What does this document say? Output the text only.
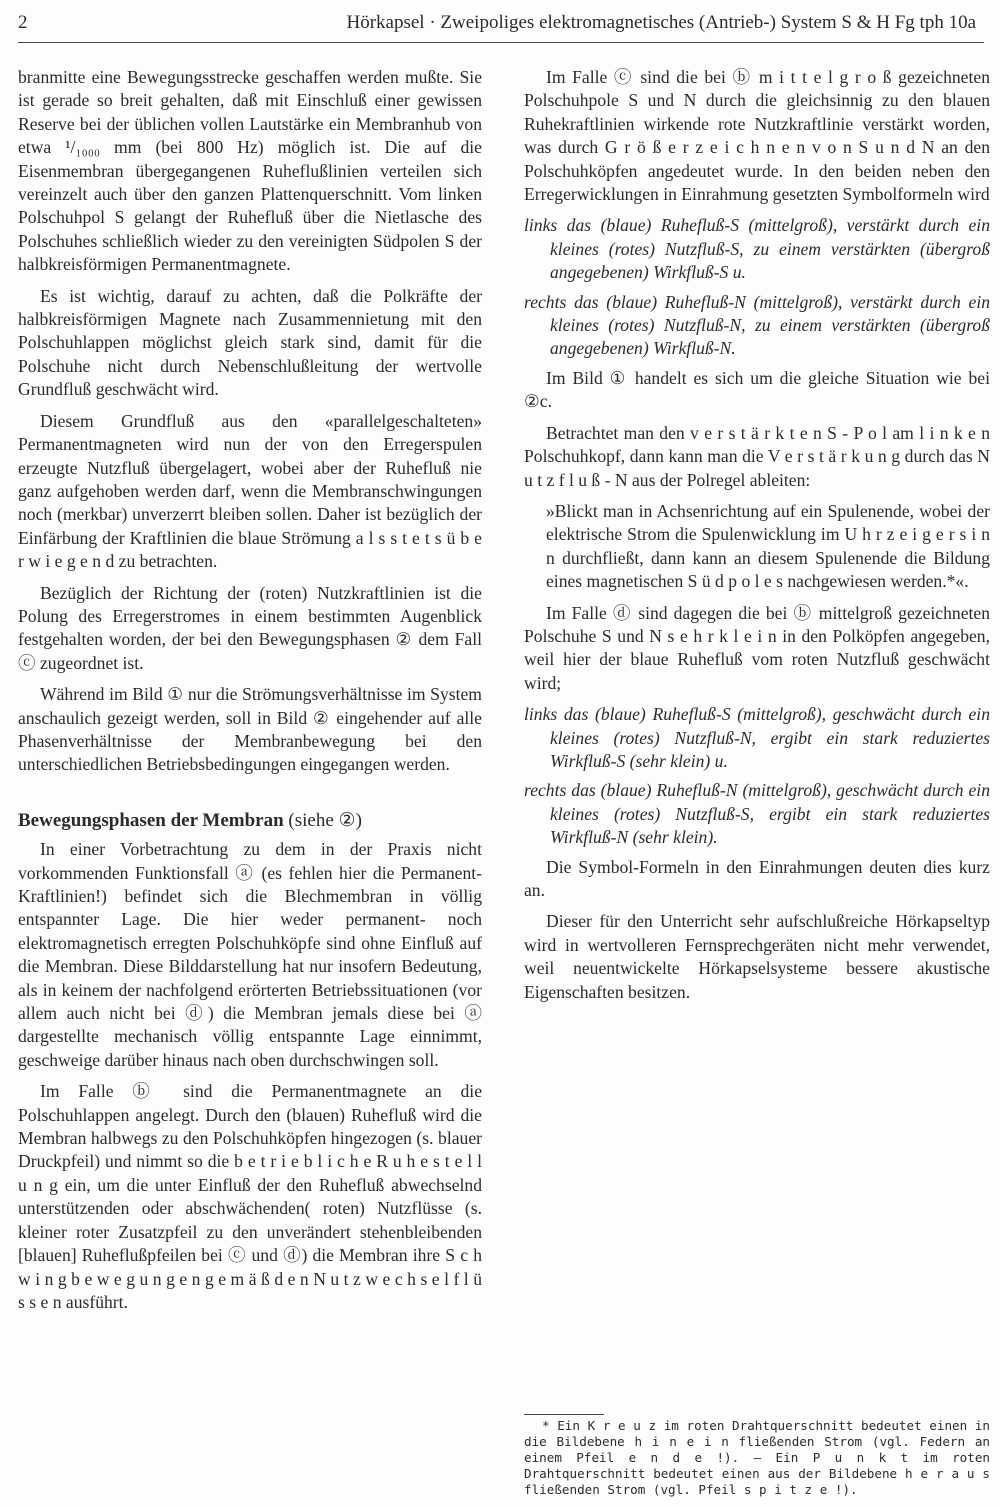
2	Hörkapsel · Zweipoliges elektromagnetisches (Antrieb-) System S & H Fg tph 10a

branmitte eine Bewegungsstrecke geschaffen werden mußte. Sie ist gerade so breit gehalten, daß mit Einschluß einer gewissen Reserve bei der üblichen vollen Lautstärke ein Membranhub von etwa ¹/₁₀₀₀ mm (bei 800 Hz) möglich ist. Die auf die Eisenmembran übergegangenen Ruheflußlinien verteilen sich vereinzelt auch über den ganzen Plattenquerschnitt. Vom linken Polschuhpol S gelangt der Ruhefluß über die Nietlasche des Polschuhes schließlich wieder zu den vereinigten Südpolen S der halbkreisförmigen Permanentmagnete.

Es ist wichtig, darauf zu achten, daß die Polkräfte der halbkreisförmigen Magnete nach Zusammennietung mit den Polschuhlappen möglichst gleich stark sind, damit für die Polschuhe nicht durch Nebenschlußleitung der wertvolle Grundfluß geschwächt wird.

Diesem Grundfluß aus den «parallelgeschalteten» Permanentmagneten wird nun der von den Erregerspulen erzeugte Nutzfluß übergelagert, wobei aber der Ruhefluß nie ganz aufgehoben werden darf, wenn die Membranschwingungen noch (merkbar) unverzerrt bleiben sollen. Daher ist bezüglich der Einfärbung der Kraftlinien die blaue Strömung a l s s t e t s ü b e r w i e g e n d zu betrachten.

Bezüglich der Richtung der (roten) Nutzkraftlinien ist die Polung des Erregerstromes in einem bestimmten Augenblick festgehalten worden, der bei den Bewegungsphasen ② dem Fall ⓒ zugeordnet ist.

Während im Bild ① nur die Strömungsverhältnisse im System anschaulich gezeigt werden, soll in Bild ② eingehender auf alle Phasenverhältnisse der Membranbewegung bei den unterschiedlichen Betriebsbedingungen eingegangen werden.

Bewegungsphasen der Membran (siehe ②)

In einer Vorbetrachtung zu dem in der Praxis nicht vorkommenden Funktionsfall ⓐ (es fehlen hier die Permanent-Kraftlinien!) befindet sich die Blechmembran in völlig entspannter Lage. Die hier weder permanent- noch elektromagnetisch erregten Polschuhköpfe sind ohne Einfluß auf die Membran. Diese Bilddarstellung hat nur insofern Bedeutung, als in keinem der nachfolgend erörterten Betriebssituationen (vor allem auch nicht bei ⓓ) die Membran jemals diese bei ⓐ dargestellte mechanisch völlig entspannte Lage einnimmt, geschweige darüber hinaus nach oben durchschwingen soll.

Im Falle ⓑ sind die Permanentmagnete an die Polschuhlappen angelegt. Durch den (blauen) Ruhefluß wird die Membran halbwegs zu den Polschuhköpfen hingezogen (s. blauer Druckpfeil) und nimmt so die b e t r i e b l i c h e R u h e s t e l l u n g ein, um die unter Einfluß der den Ruhefluß abwechselnd unterstützenden oder abschwächenden( roten) Nutzflüsse (s. kleiner roter Zusatzpfeil zu den unverändert stehenbleibenden [blauen] Ruheflußpfeilen bei ⓒ und ⓓ) die Membran ihre S c h w i n g b e w e g u n g e n g e m ä ß d e n N u t z w e c h s e l f l ü s s e n ausführt.

Im Falle ⓒ sind die bei ⓑ m i t t e l g r o ß gezeichneten Polschuhpole S und N durch die gleichsinnig zu den blauen Ruhekraftlinien wirkende rote Nutzkraftlinie verstärkt worden, was durch G r ö ß e r z e i c h n e n v o n S u n d N an den Polschuhköpfen angedeutet wurde. In den beiden neben den Erregerwicklungen in Einrahmung gesetzten Symbolformeln wird

links das (blaue) Ruhefluß-S (mittelgroß), verstärkt durch ein kleines (rotes) Nutzfluß-S, zu einem verstärkten (übergroß angegebenen) Wirkfluß-S u.
rechts das (blaue) Ruhefluß-N (mittelgroß), verstärkt durch ein kleines (rotes) Nutzfluß-N, zu einem verstärkten (übergroß angegebenen) Wirkfluß-N.

Im Bild ① handelt es sich um die gleiche Situation wie bei ②c.

Betrachtet man den v e r s t ä r k t e n S - P o l am l i n k e n Polschuhkopf, dann kann man die V e r s t ä r k u n g durch das N u t z f l u ß - N aus der Polregel ableiten:

»Blickt man in Achsenrichtung auf ein Spulenende, wobei der elektrische Strom die Spulenwicklung im U h r z e i g e r s i n n durchfließt, dann kann an diesem Spulenende die Bildung eines magnetischen S ü d p o l e s nachgewiesen werden.*«.

Im Falle ⓓ sind dagegen die bei ⓑ mittelgroß gezeichneten Polschuhe S und N s e h r k l e i n in den Polköpfen angegeben, weil hier der blaue Ruhefluß vom roten Nutzfluß geschwächt wird;

links das (blaue) Ruhefluß-S (mittelgroß), geschwächt durch ein kleines (rotes) Nutzfluß-N, ergibt ein stark reduziertes Wirkfluß-S (sehr klein) u.
rechts das (blaue) Ruhefluß-N (mittelgroß), geschwächt durch ein kleines (rotes) Nutzfluß-S, ergibt ein stark reduziertes Wirkfluß-N (sehr klein).

Die Symbol-Formeln in den Einrahmungen deuten dies kurz an.

Dieser für den Unterricht sehr aufschlußreiche Hörkapseltyp wird in wertvolleren Fernsprechgeräten nicht mehr verwendet, weil neuentwickelte Hörkapselsysteme bessere akustische Eigenschaften besitzen.

* Ein K r e u z im roten Drahtquerschnitt bedeutet einen in die Bildebene h i n e i n fließenden Strom (vgl. Federn an einem Pfeil e n d e !). — Ein P u n k t im roten Drahtquerschnitt bedeutet einen aus der Bildebene h e r a u s fließenden Strom (vgl. Pfeil s p i t z e !).
